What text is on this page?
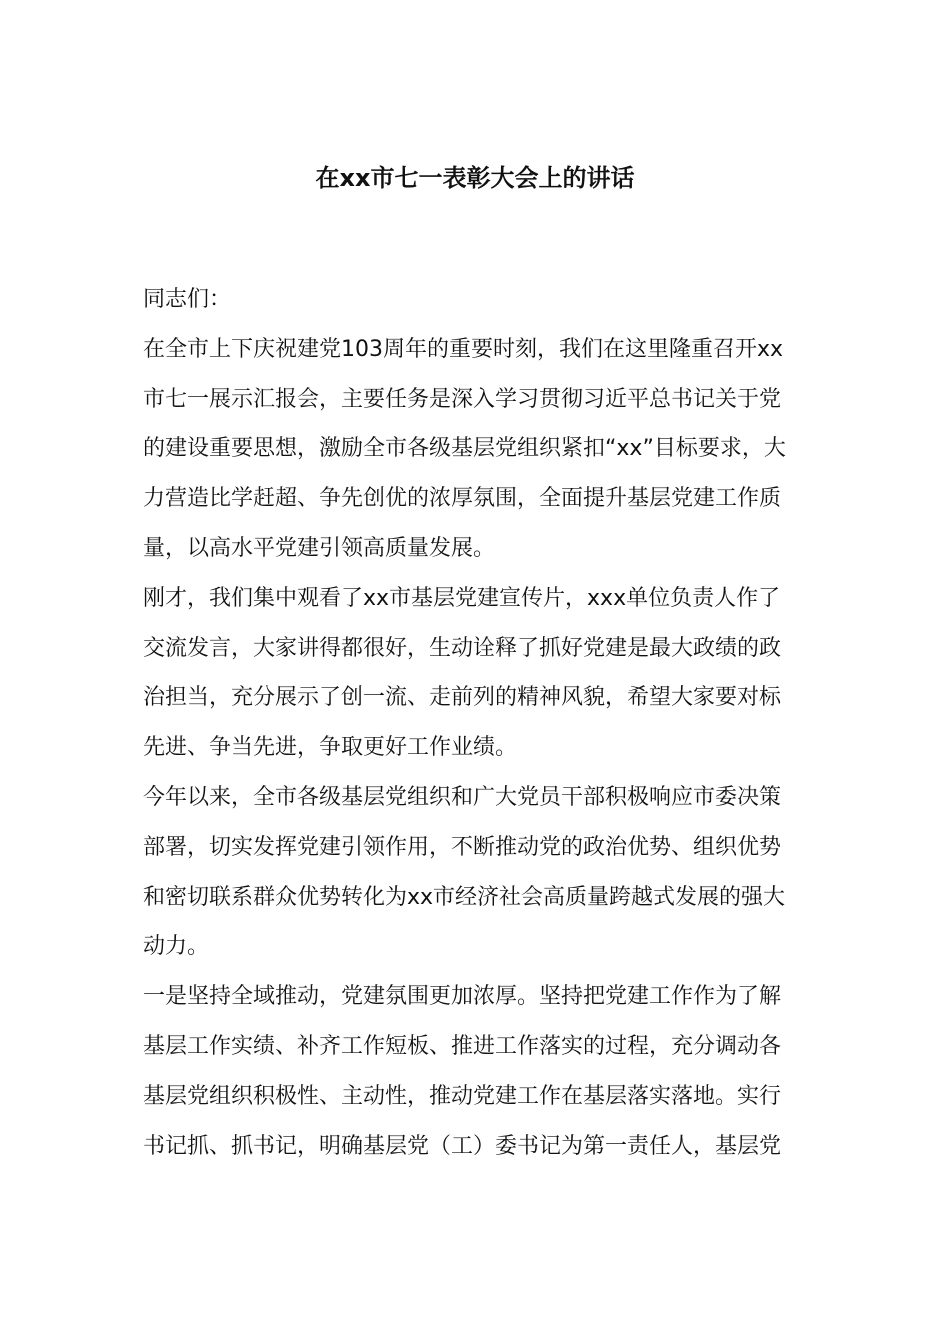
在xx市七一表彰大会上的讲话
同志们：
在全市上下庆祝建党103周年的重要时刻，我们在这里隆重召开xx
市七一展示汇报会，主要任务是深入学习贯彻习近平总书记关于党
的建设重要思想，激励全市各级基层党组织紧扣“xx”目标要求，大
力营造比学赶超、争先创优的浓厚氛围，全面提升基层党建工作质
量，以高水平党建引领高质量发展。
刚才，我们集中观看了xx市基层党建宣传片，xxx单位负责人作了
交流发言，大家讲得都很好，生动诠释了抓好党建是最大政绩的政
治担当，充分展示了创一流、走前列的精神风貌，希望大家要对标
先进、争当先进，争取更好工作业绩。
今年以来，全市各级基层党组织和广大党员干部积极响应市委决策
部署，切实发挥党建引领作用，不断推动党的政治优势、组织优势
和密切联系群众优势转化为xx市经济社会高质量跨越式发展的强大
动力。
一是坚持全域推动，党建氛围更加浓厚。坚持把党建工作作为了解
基层工作实绩、补齐工作短板、推进工作落实的过程，充分调动各
基层党组织积极性、主动性，推动党建工作在基层落实落地。实行
书记抓、抓书记，明确基层党（工）委书记为第一责任人，基层党
